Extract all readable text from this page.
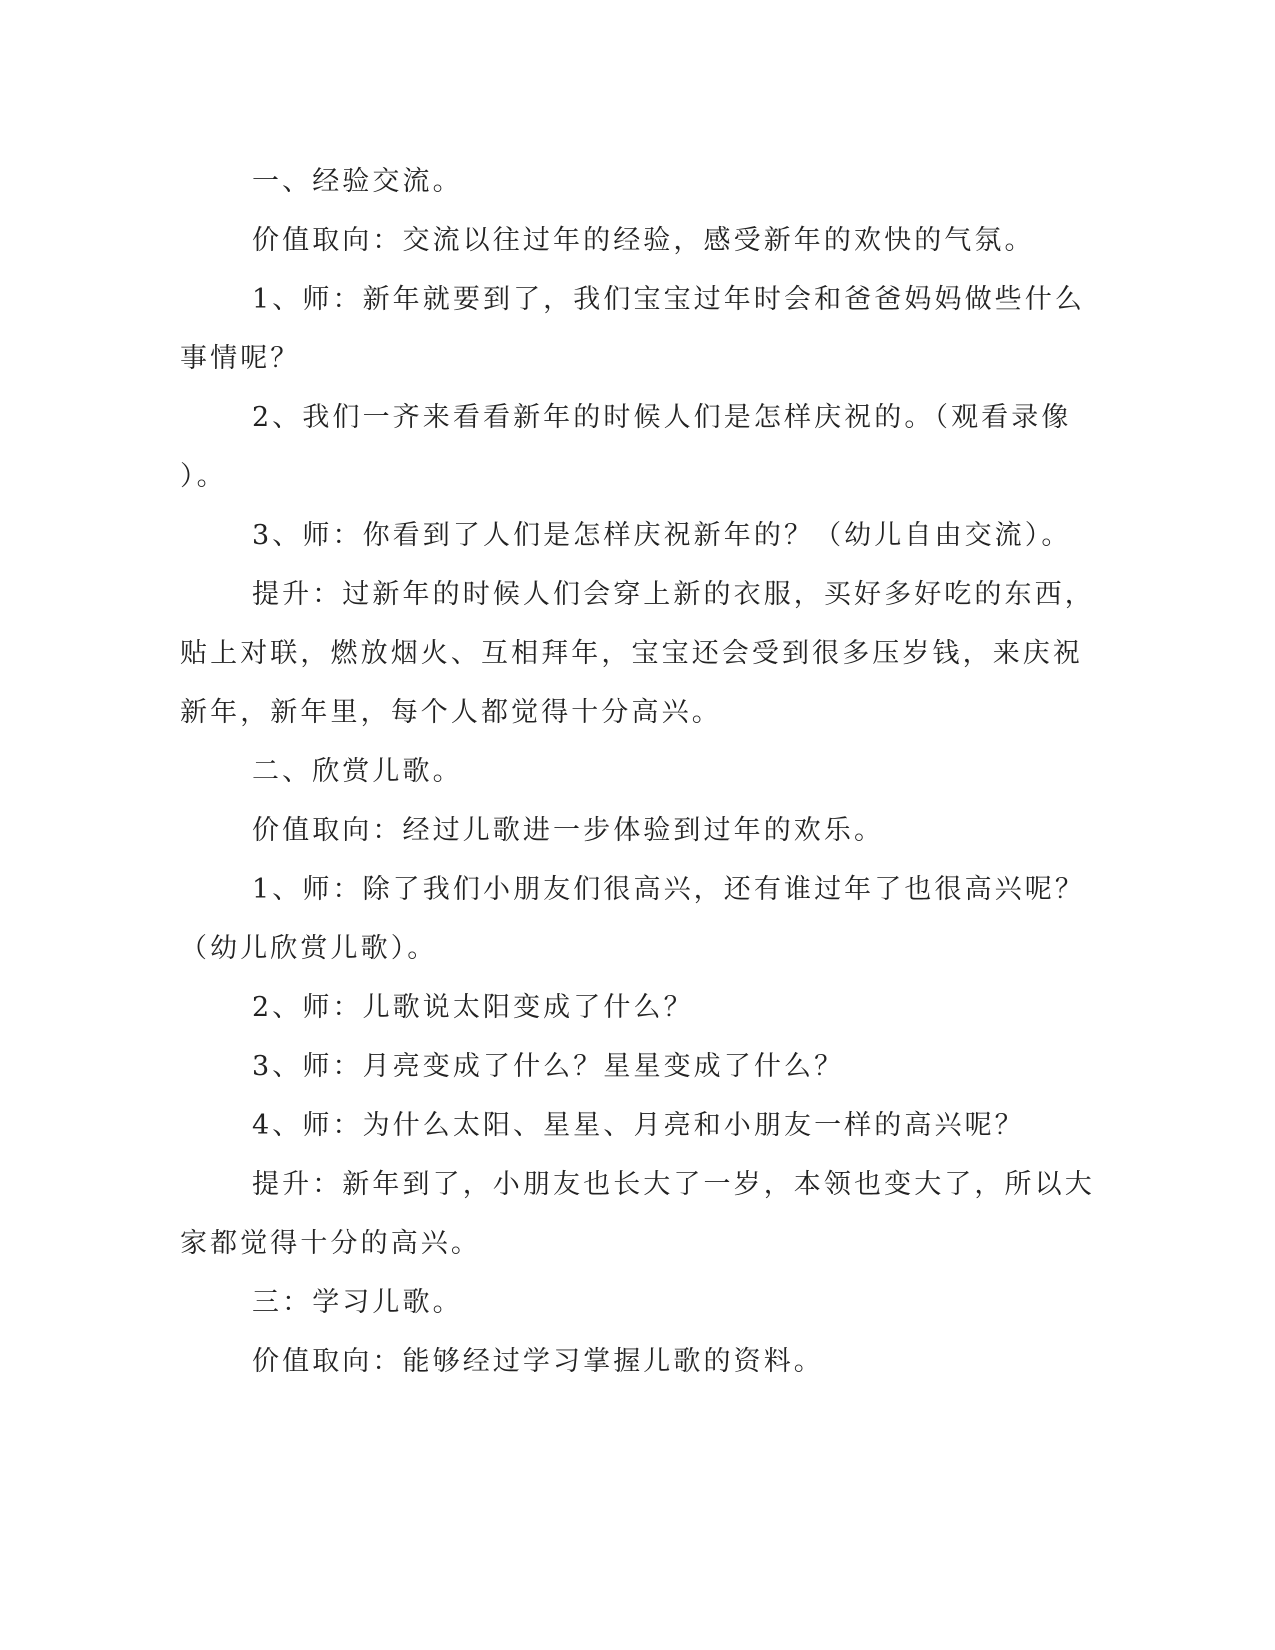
一、经验交流。
价值取向：交流以往过年的经验，感受新年的欢快的气氛。
1、师：新年就要到了，我们宝宝过年时会和爸爸妈妈做些什么
事情呢？
2、我们一齐来看看新年的时候人们是怎样庆祝的。（观看录像
）。
3、师：你看到了人们是怎样庆祝新年的？（幼儿自由交流）。
提升：过新年的时候人们会穿上新的衣服，买好多好吃的东西，
贴上对联，燃放烟火、互相拜年，宝宝还会受到很多压岁钱，来庆祝
新年，新年里，每个人都觉得十分高兴。
二、欣赏儿歌。
价值取向：经过儿歌进一步体验到过年的欢乐。
1、师：除了我们小朋友们很高兴，还有谁过年了也很高兴呢？
（幼儿欣赏儿歌）。
2、师：儿歌说太阳变成了什么？
3、师：月亮变成了什么？星星变成了什么？
4、师：为什么太阳、星星、月亮和小朋友一样的高兴呢？
提升：新年到了，小朋友也长大了一岁，本领也变大了，所以大
家都觉得十分的高兴。
三：学习儿歌。
价值取向：能够经过学习掌握儿歌的资料。
